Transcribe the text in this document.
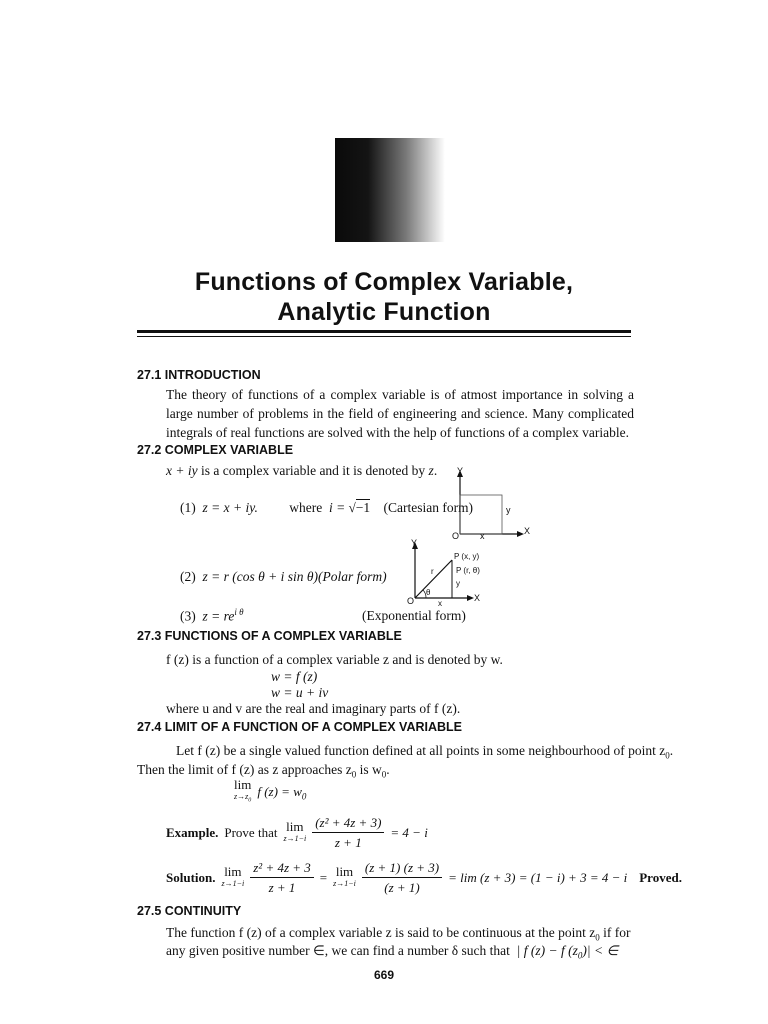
Functions of Complex Variable,
Analytic Function
27.1 INTRODUCTION
The theory of functions of a complex variable is of atmost importance in solving a large number of problems in the field of engineering and science. Many complicated integrals of real functions are solved with the help of functions of a complex variable.
27.2 COMPLEX VARIABLE
x + iy is a complex variable and it is denoted by z.
(1) z = x + iy. where i = √−1 (Cartesian form)
Y
X
O x
y
(2) z = r (cos θ + i sin θ)(Polar form)
Y
X
O
P (x, y)
P (r, θ)
r
θ
x
y
(3) $z = re^{i \theta}$	(Exponential form)
27.3 FUNCTIONS OF A COMPLEX VARIABLE
f (z) is a function of a complex variable z and is denoted by w.
w = f (z)
w = u + iv
where u and v are the real and imaginary parts of f (z).
27.4 LIMIT OF A FUNCTION OF A COMPLEX VARIABLE
Let f (z) be a single valued function defined at all points in some neighbourhood of point $z_0$.
Then the limit of f (z) as z approaches $z_0$ is $w_0$.
lim
$z\to z_0$
f $(z) = w_0$
Example. Prove that lim
$z\to 1-i \frac{\text{(z² + 4z + 3)}}{z + 1} = 4 - i$
Solution. lim
$z\to 1-i \frac{\text{z² + 4z + 3}}{z + 1} = \lim$
$z\to 1-i \frac{(z + 1) (z + 3)}{(z + 1)} = \lim (z + 3) = (1 - i) + 3 = 4 - i$ Proved.
27.5 CONTINUITY
The function f (z) of a complex variable z is said to be continuous at the point $z_0$ if for
any given positive number ∈, we can find a number δ such that | f (z) − f $(z_0)|$ < ∈
669
